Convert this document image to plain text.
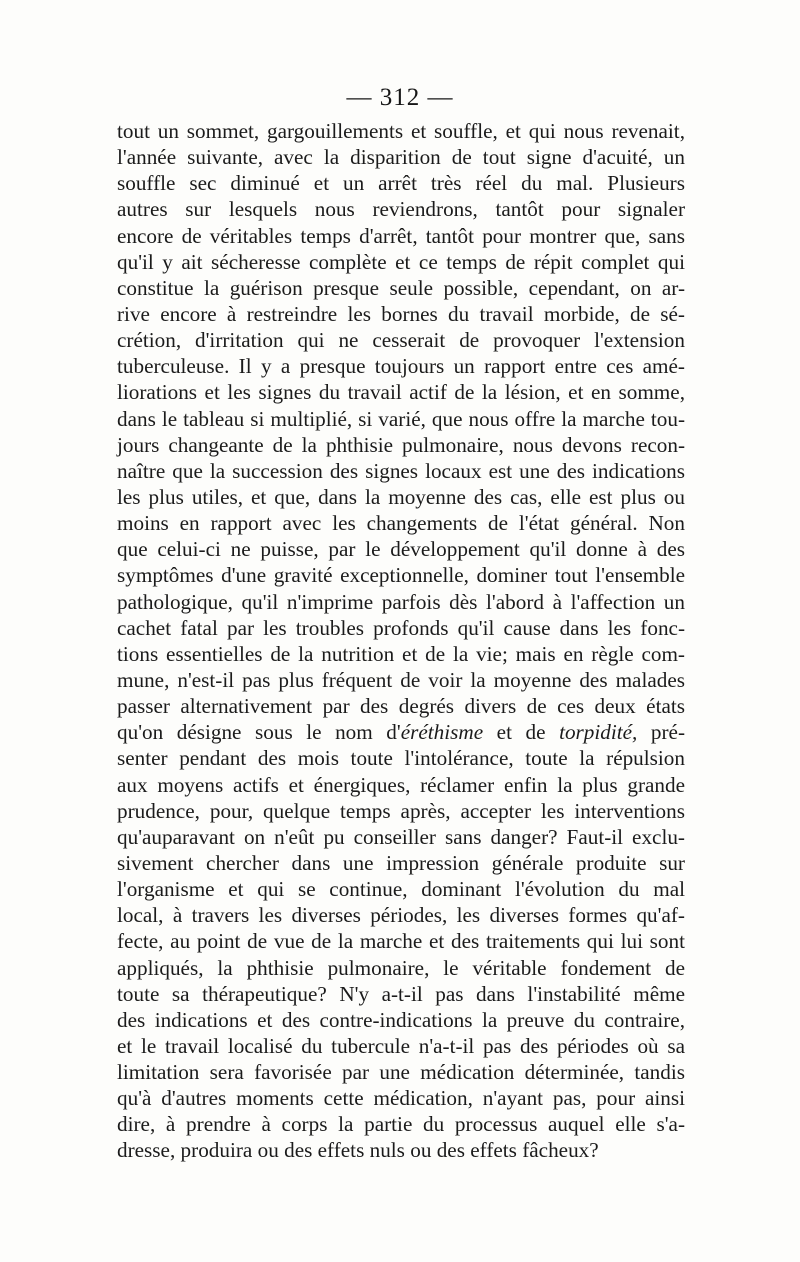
— 312 —
tout un sommet, gargouillements et souffle, et qui nous revenait,
l'année suivante, avec la disparition de tout signe d'acuité, un
souffle sec diminué et un arrêt très réel du mal. Plusieurs
autres sur lesquels nous reviendrons, tantôt pour signaler
encore de véritables temps d'arrêt, tantôt pour montrer que, sans
qu'il y ait sécheresse complète et ce temps de répit complet qui
constitue la guérison presque seule possible, cependant, on ar-
rive encore à restreindre les bornes du travail morbide, de sé-
crétion, d'irritation qui ne cesserait de provoquer l'extension
tuberculeuse. Il y a presque toujours un rapport entre ces amé-
liorations et les signes du travail actif de la lésion, et en somme,
dans le tableau si multiplié, si varié, que nous offre la marche tou-
jours changeante de la phthisie pulmonaire, nous devons recon-
naître que la succession des signes locaux est une des indications
les plus utiles, et que, dans la moyenne des cas, elle est plus ou
moins en rapport avec les changements de l'état général. Non
que celui-ci ne puisse, par le développement qu'il donne à des
symptômes d'une gravité exceptionnelle, dominer tout l'ensemble
pathologique, qu'il n'imprime parfois dès l'abord à l'affection un
cachet fatal par les troubles profonds qu'il cause dans les fonc-
tions essentielles de la nutrition et de la vie; mais en règle com-
mune, n'est-il pas plus fréquent de voir la moyenne des malades
passer alternativement par des degrés divers de ces deux états
qu'on désigne sous le nom d'éréthisme et de torpidité, pré-
senter pendant des mois toute l'intolérance, toute la répulsion
aux moyens actifs et énergiques, réclamer enfin la plus grande
prudence, pour, quelque temps après, accepter les interventions
qu'auparavant on n'eût pu conseiller sans danger? Faut-il exclu-
sivement chercher dans une impression générale produite sur
l'organisme et qui se continue, dominant l'évolution du mal
local, à travers les diverses périodes, les diverses formes qu'af-
fecte, au point de vue de la marche et des traitements qui lui sont
appliqués, la phthisie pulmonaire, le véritable fondement de
toute sa thérapeutique? N'y a-t-il pas dans l'instabilité même
des indications et des contre-indications la preuve du contraire,
et le travail localisé du tubercule n'a-t-il pas des périodes où sa
limitation sera favorisée par une médication déterminée, tandis
qu'à d'autres moments cette médication, n'ayant pas, pour ainsi
dire, à prendre à corps la partie du processus auquel elle s'a-
dresse, produira ou des effets nuls ou des effets fâcheux?
